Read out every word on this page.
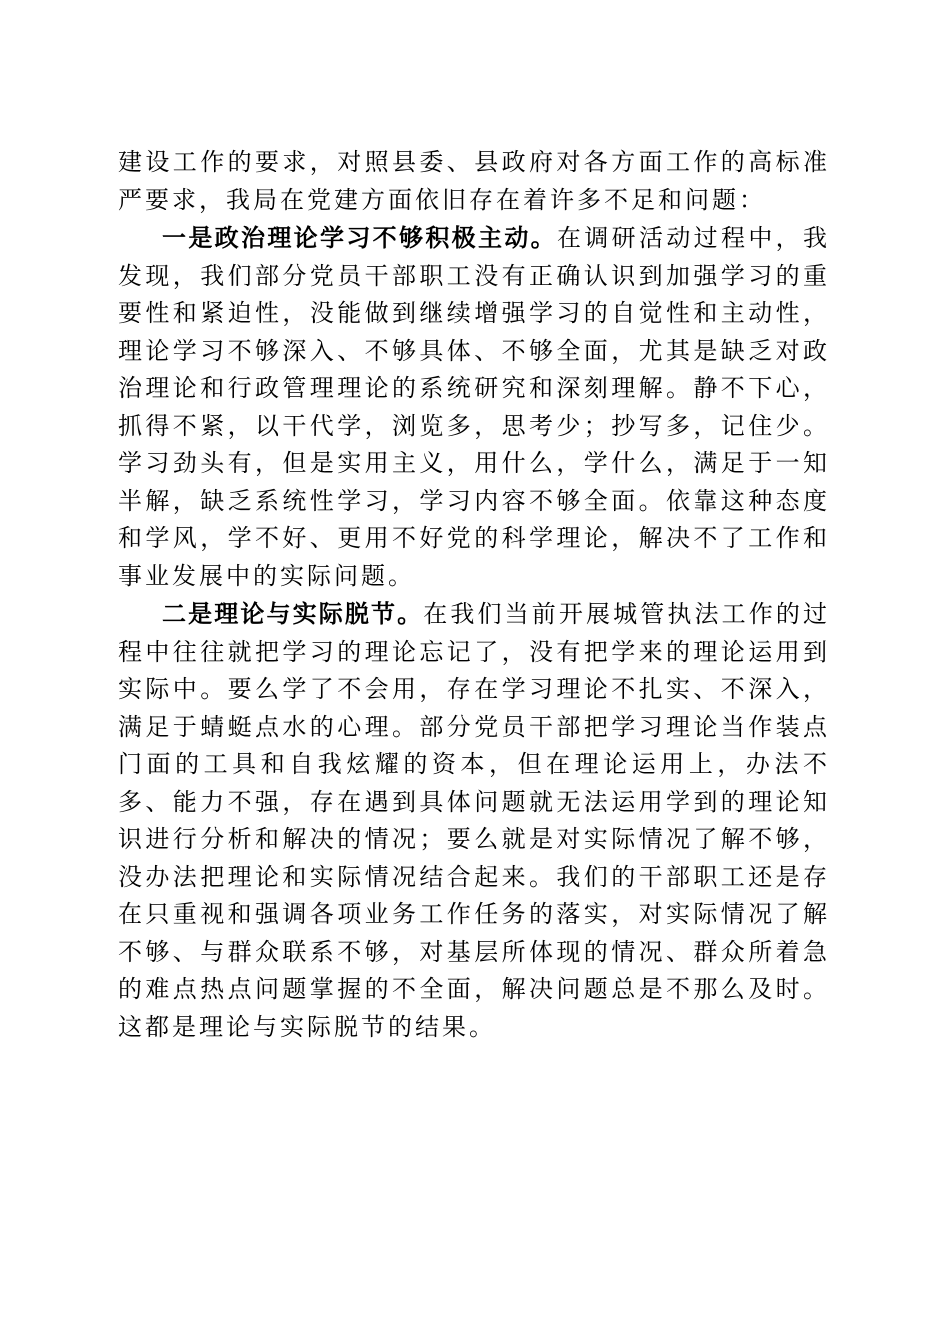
建设工作的要求，对照县委、县政府对各方面工作的高标准严要求，我局在党建方面依旧存在着许多不足和问题：

一是政治理论学习不够积极主动。在调研活动过程中，我发现，我们部分党员干部职工没有正确认识到加强学习的重要性和紧迫性，没能做到继续增强学习的自觉性和主动性，理论学习不够深入、不够具体、不够全面，尤其是缺乏对政治理论和行政管理理论的系统研究和深刻理解。静不下心，抓得不紧，以干代学，浏览多，思考少；抄写多，记住少。学习劲头有，但是实用主义，用什么，学什么，满足于一知半解，缺乏系统性学习，学习内容不够全面。依靠这种态度和学风，学不好、更用不好党的科学理论，解决不了工作和事业发展中的实际问题。

二是理论与实际脱节。在我们当前开展城管执法工作的过程中往往就把学习的理论忘记了，没有把学来的理论运用到实际中。要么学了不会用，存在学习理论不扎实、不深入，满足于蜻蜓点水的心理。部分党员干部把学习理论当作装点门面的工具和自我炫耀的资本，但在理论运用上，办法不多、能力不强，存在遇到具体问题就无法运用学到的理论知识进行分析和解决的情况；要么就是对实际情况了解不够，没办法把理论和实际情况结合起来。我们的干部职工还是存在只重视和强调各项业务工作任务的落实，对实际情况了解不够、与群众联系不够，对基层所体现的情况、群众所着急的难点热点问题掌握的不全面，解决问题总是不那么及时。这都是理论与实际脱节的结果。
